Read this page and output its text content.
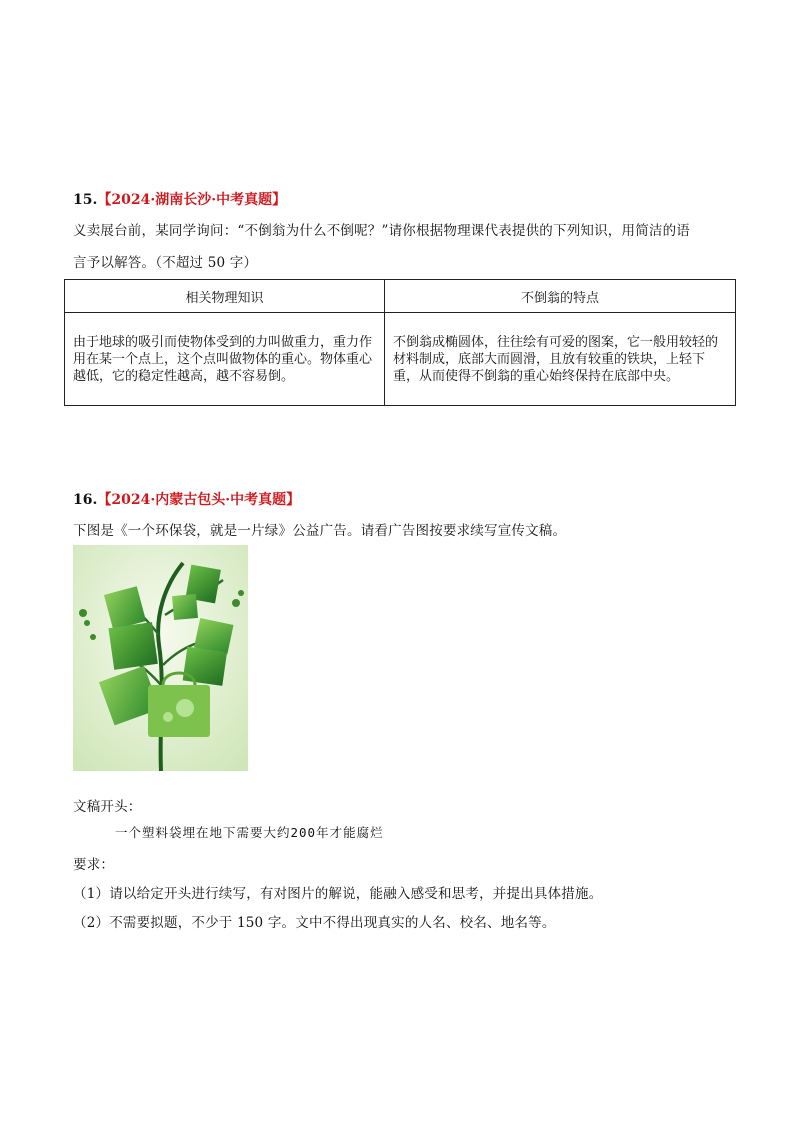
15.【2024·湖南长沙·中考真题】
义卖展台前，某同学询问：“不倒翁为什么不倒呢？”请你根据物理课代表提供的下列知识，用简洁的语
言予以解答。（不超过 50 字）
相关物理知识	不倒翁的特点
由于地球的吸引而使物体受到的力叫做重力，重力作用在某一个点上，这个点叫做物体的重心。物体重心越低，它的稳定性越高，越不容易倒。	不倒翁成椭圆体，往往绘有可爱的图案，它一般用较轻的材料制成，底部大而圆滑，且放有较重的铁块，上轻下重，从而使得不倒翁的重心始终保持在底部中央。
16.【2024·内蒙古包头·中考真题】
下图是《一个环保袋，就是一片绿》公益广告。请看广告图按要求续写宣传文稿。
文稿开头：
一个塑料袋埋在地下需要大约200年才能腐烂
要求：
（1）请以给定开头进行续写，有对图片的解说，能融入感受和思考，并提出具体措施。
（2）不需要拟题，不少于 150 字。文中不得出现真实的人名、校名、地名等。
